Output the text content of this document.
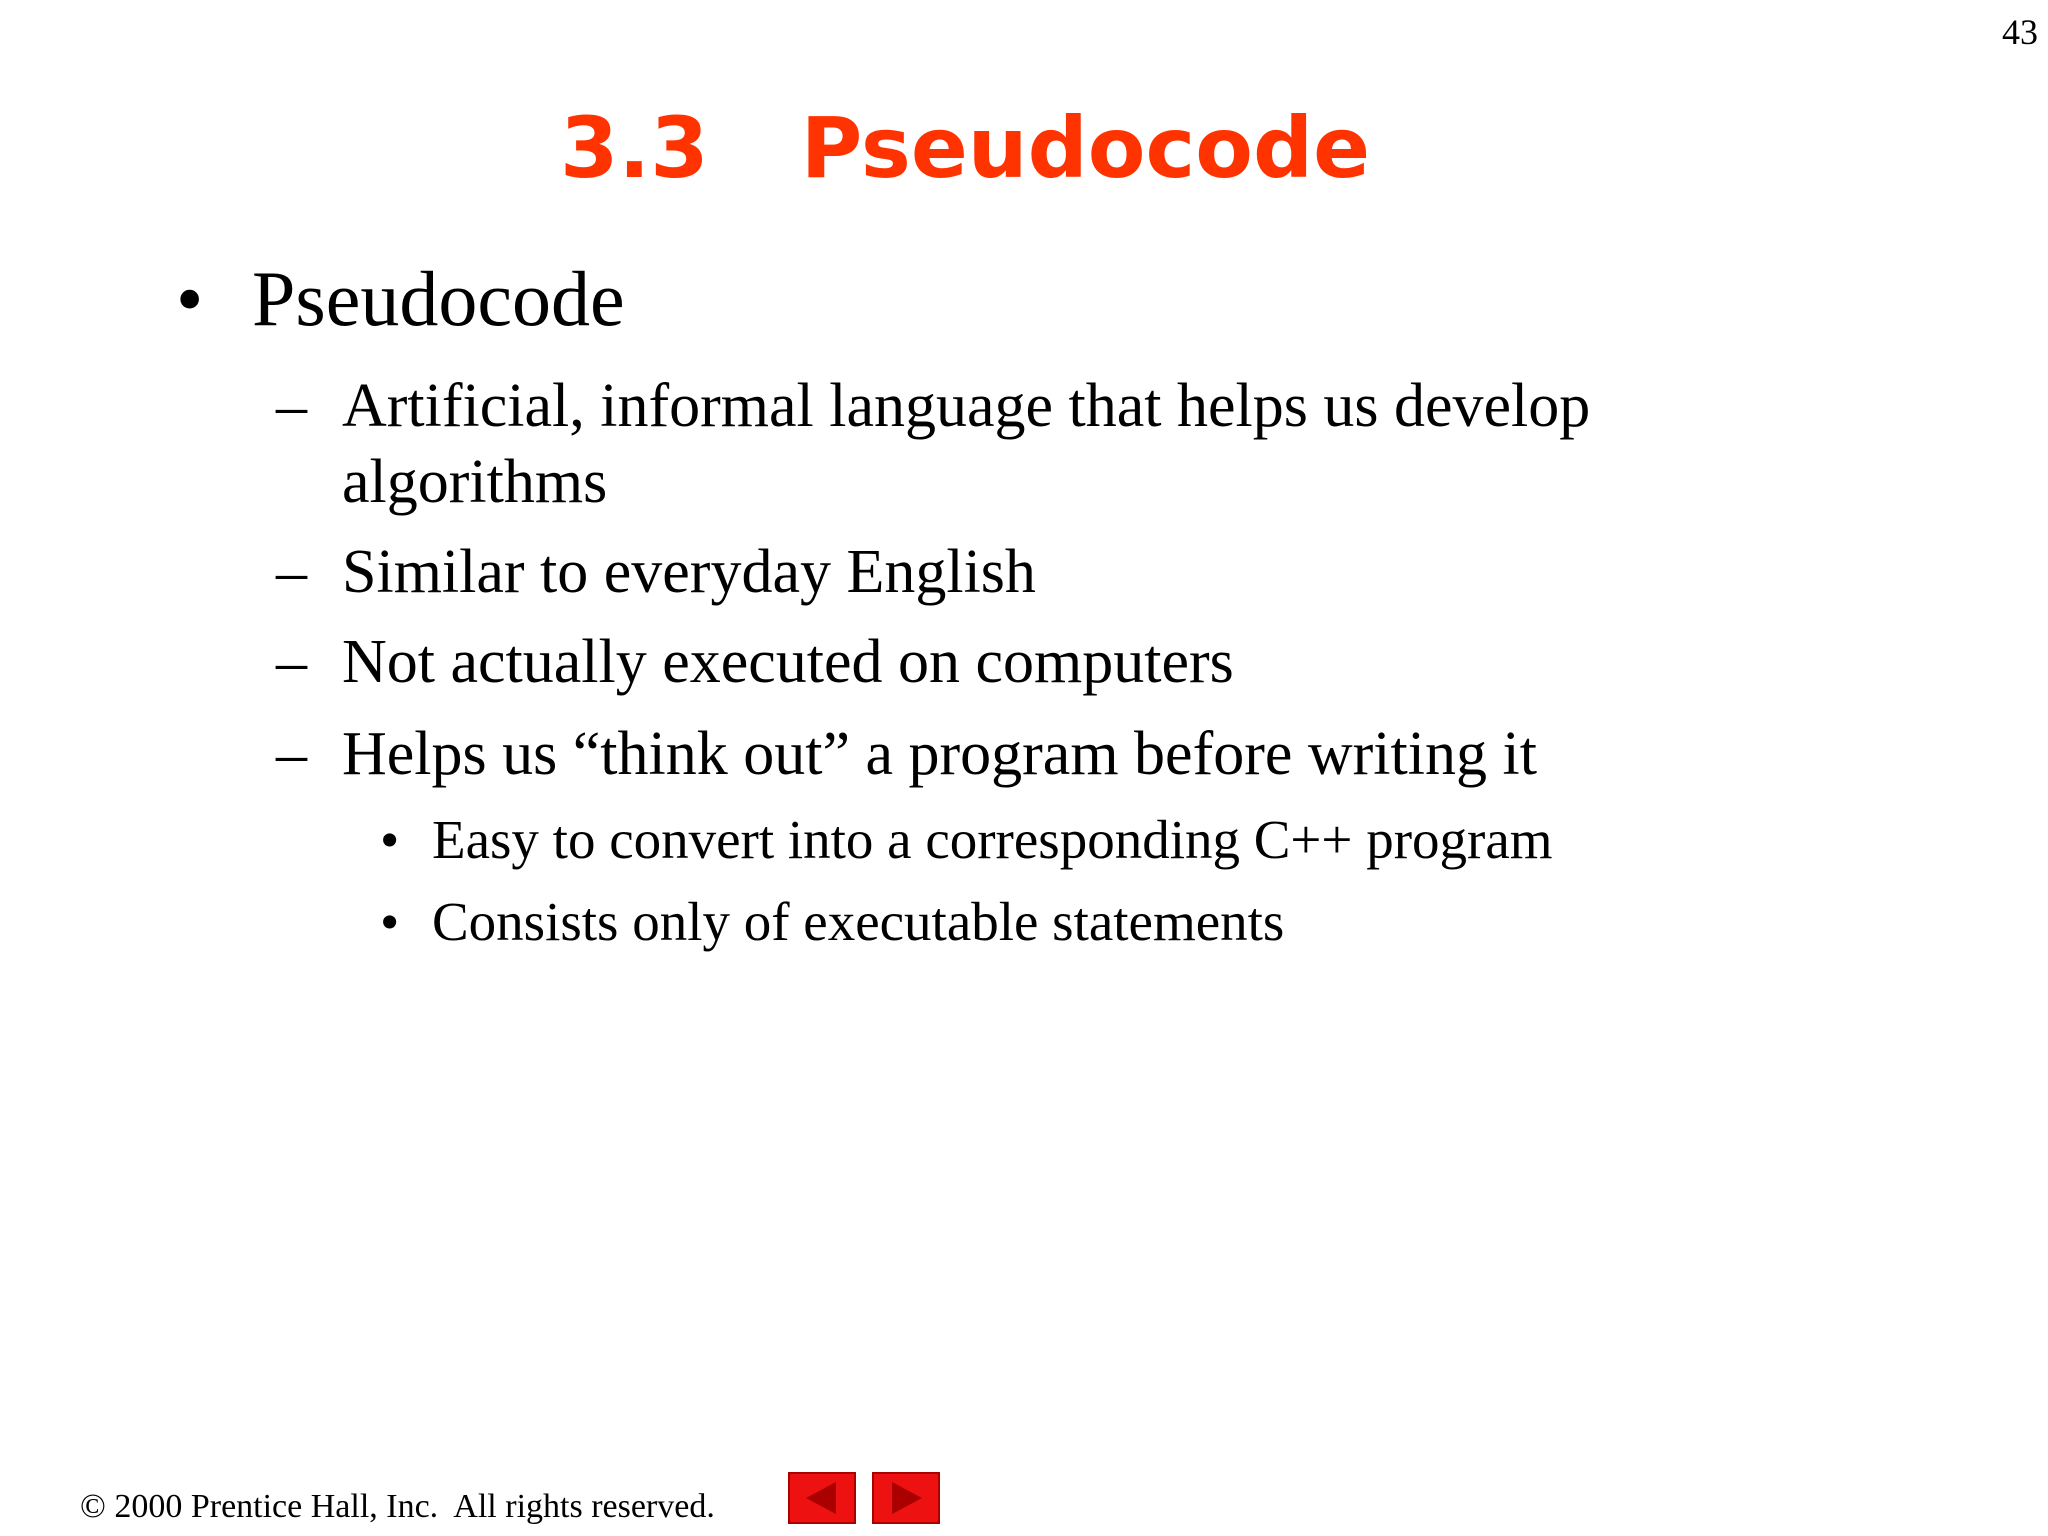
43
3.3 Pseudocode
• Pseudocode
– Artificial, informal language that helps us develop algorithms
– Similar to everyday English
– Not actually executed on computers
– Helps us “think out” a program before writing it
• Easy to convert into a corresponding C++ program
• Consists only of executable statements
© 2000 Prentice Hall, Inc.  All rights reserved.
